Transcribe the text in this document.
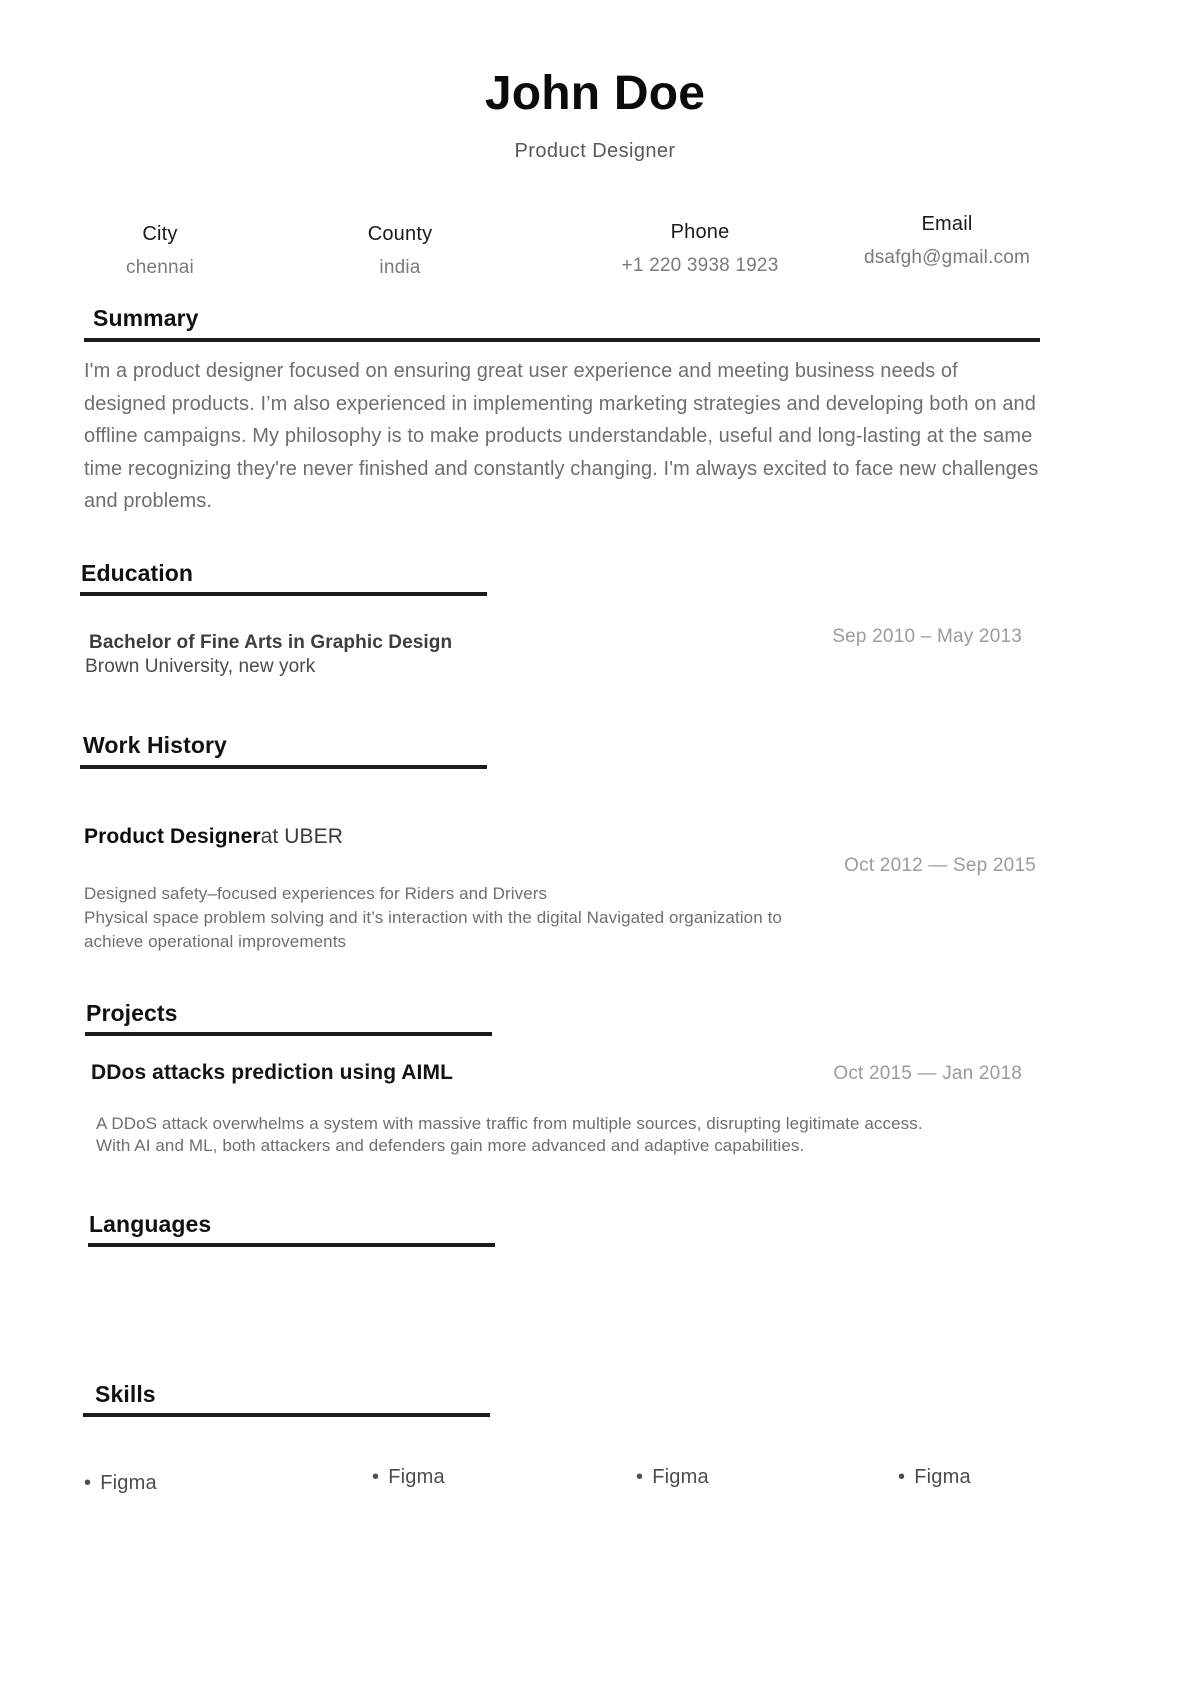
John Doe
Product Designer
City
chennai
County
india
Phone
+1 220 3938 1923
Email
dsafgh@gmail.com
Summary
I'm a product designer focused on ensuring great user experience and meeting business needs of designed products. I’m also experienced in implementing marketing strategies and developing both on and offline campaigns. My philosophy is to make products understandable, useful and long-lasting at the same time recognizing they're never finished and constantly changing. I'm always excited to face new challenges and problems.
Education
Bachelor of Fine Arts in Graphic Design
Brown University, new york
Sep 2010 – May 2013
Work History
Product Designerat UBER
Oct 2012 — Sep 2015
Designed safety–focused experiences for Riders and Drivers
Physical space problem solving and it’s interaction with the digital Navigated organization to
achieve operational improvements
Projects
DDos attacks prediction using AIML	Oct 2015 — Jan 2018
A DDoS attack overwhelms a system with massive traffic from multiple sources, disrupting legitimate access.
With AI and ML, both attackers and defenders gain more advanced and adaptive capabilities.
Languages
Skills
• Figma	• Figma	• Figma	• Figma
